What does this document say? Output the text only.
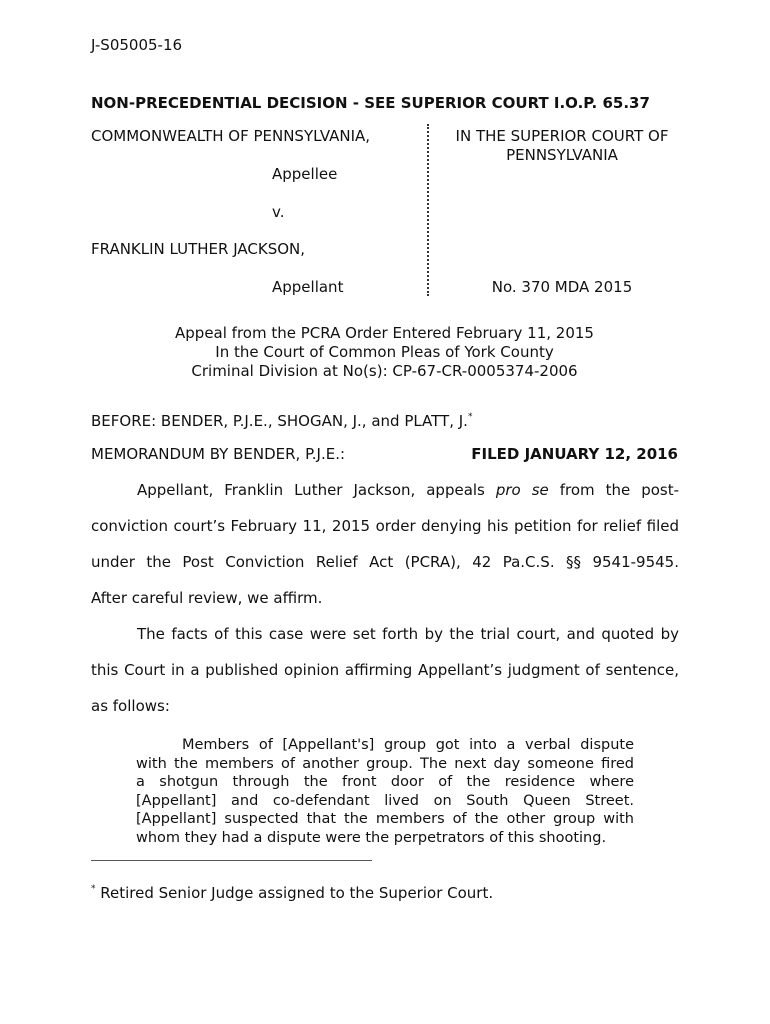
J-S05005-16
NON-PRECEDENTIAL DECISION - SEE SUPERIOR COURT I.O.P. 65.37
COMMONWEALTH OF PENNSYLVANIA,
Appellee
v.
FRANKLIN LUTHER JACKSON,
Appellant
IN THE SUPERIOR COURT OF
PENNSYLVANIA
No. 370 MDA 2015
Appeal from the PCRA Order Entered February 11, 2015
In the Court of Common Pleas of York County
Criminal Division at No(s): CP-67-CR-0005374-2006
BEFORE: BENDER, P.J.E., SHOGAN, J., and PLATT, J.*
MEMORANDUM BY BENDER, P.J.E.:	FILED JANUARY 12, 2016
Appellant, Franklin Luther Jackson, appeals pro se from the post-
conviction court’s February 11, 2015 order denying his petition for relief filed
under the Post Conviction Relief Act (PCRA), 42 Pa.C.S. §§ 9541-9545.
After careful review, we affirm.
The facts of this case were set forth by the trial court, and quoted by
this Court in a published opinion affirming Appellant’s judgment of sentence,
as follows:
Members of [Appellant's] group got into a verbal dispute
with the members of another group. The next day someone fired
a shotgun through the front door of the residence where
[Appellant] and co-defendant lived on South Queen Street.
[Appellant] suspected that the members of the other group with
whom they had a dispute were the perpetrators of this shooting.
* Retired Senior Judge assigned to the Superior Court.
